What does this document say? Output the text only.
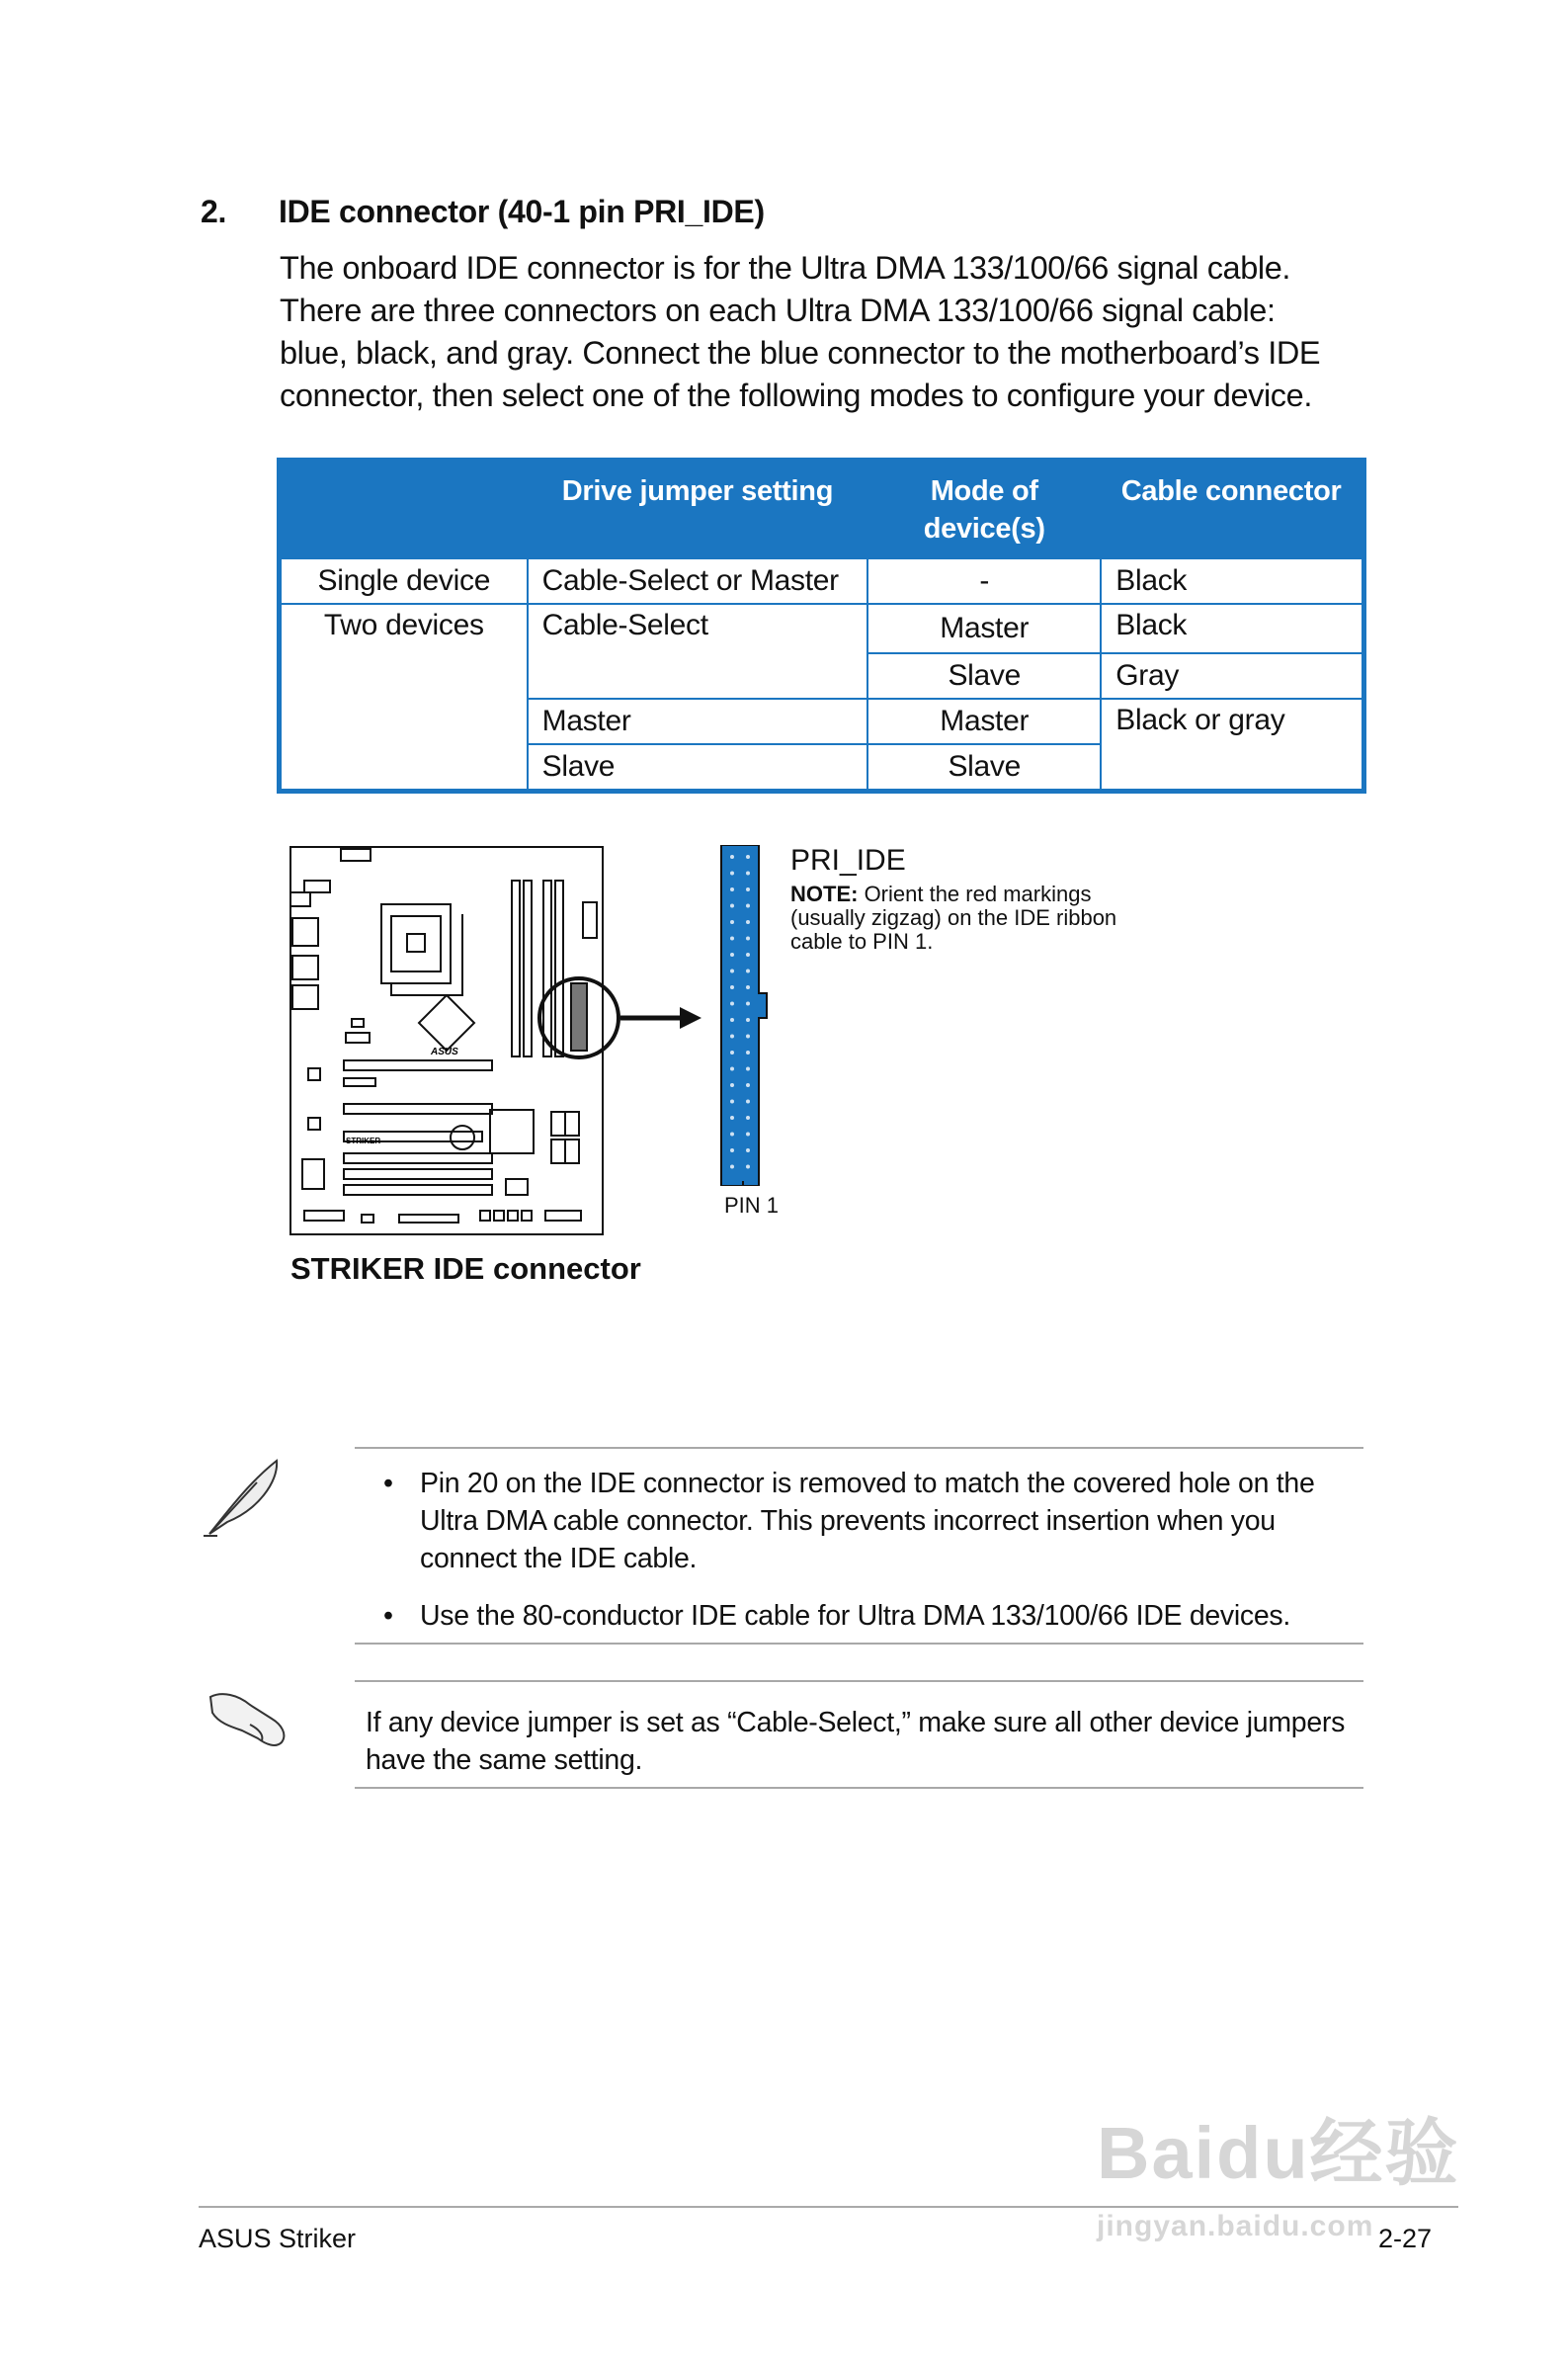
2. IDE connector (40-1 pin PRI_IDE)
The onboard IDE connector is for the Ultra DMA 133/100/66 signal cable.
There are three connectors on each Ultra DMA 133/100/66 signal cable:
blue, black, and gray. Connect the blue connector to the motherboard’s IDE
connector, then select one of the following modes to configure your device.
	Drive jumper setting	Mode of device(s)	Cable connector
Single device	Cable-Select or Master	-	Black
Two devices	Cable-Select	Master	Black
		Slave	Gray
	Master	Master	Black or gray
	Slave	Slave	
STRIKER
ASUS
PRI_IDE
NOTE: Orient the red markings (usually zigzag) on the IDE ribbon cable to PIN 1.
PIN 1
STRIKER IDE connector
• Pin 20 on the IDE connector is removed to match the covered hole on the Ultra DMA cable connector. This prevents incorrect insertion when you connect the IDE cable.
• Use the 80-conductor IDE cable for Ultra DMA 133/100/66 IDE devices.
If any device jumper is set as “Cable-Select,” make sure all other device jumpers have the same setting.
Baidu经验
jingyan.baidu.com
ASUS Striker	2-27
